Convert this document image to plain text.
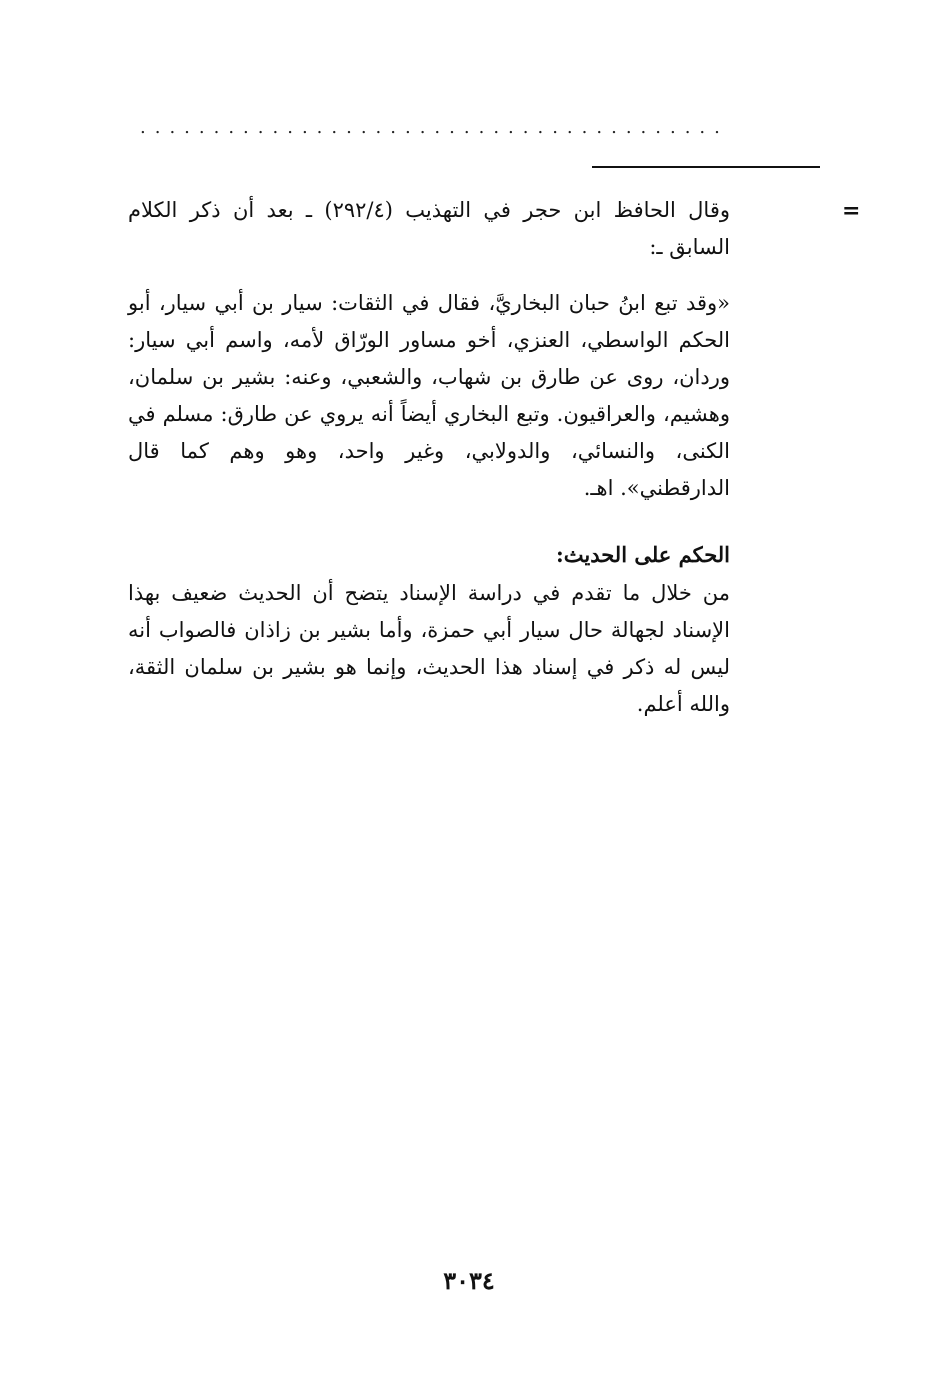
........................................
=

وقال الحافظ ابن حجر في التهذيب (٢٩٢/٤) ـ بعد أن ذكر الكلام السابق ـ:

«وقد تبع ابنُ حبان البخاريَّ، فقال في الثقات: سيار بن أبي سيار، أبو الحكم الواسطي، العنزي، أخو مساور الورّاق لأمه، واسم أبي سيار: وردان، روى عن طارق بن شهاب، والشعبي، وعنه: بشير بن سلمان، وهشيم، والعراقيون. وتبع البخاري أيضاً أنه يروي عن طارق: مسلم في الكنى، والنسائي، والدولابي، وغير واحد، وهو وهم كما قال الدارقطني». اهـ.

الحكم على الحديث:

من خلال ما تقدم في دراسة الإسناد يتضح أن الحديث ضعيف بهذا الإسناد لجهالة حال سيار أبي حمزة، وأما بشير بن زاذان فالصواب أنه ليس له ذكر في إسناد هذا الحديث، وإنما هو بشير بن سلمان الثقة، والله أعلم.

٣٠٣٤
